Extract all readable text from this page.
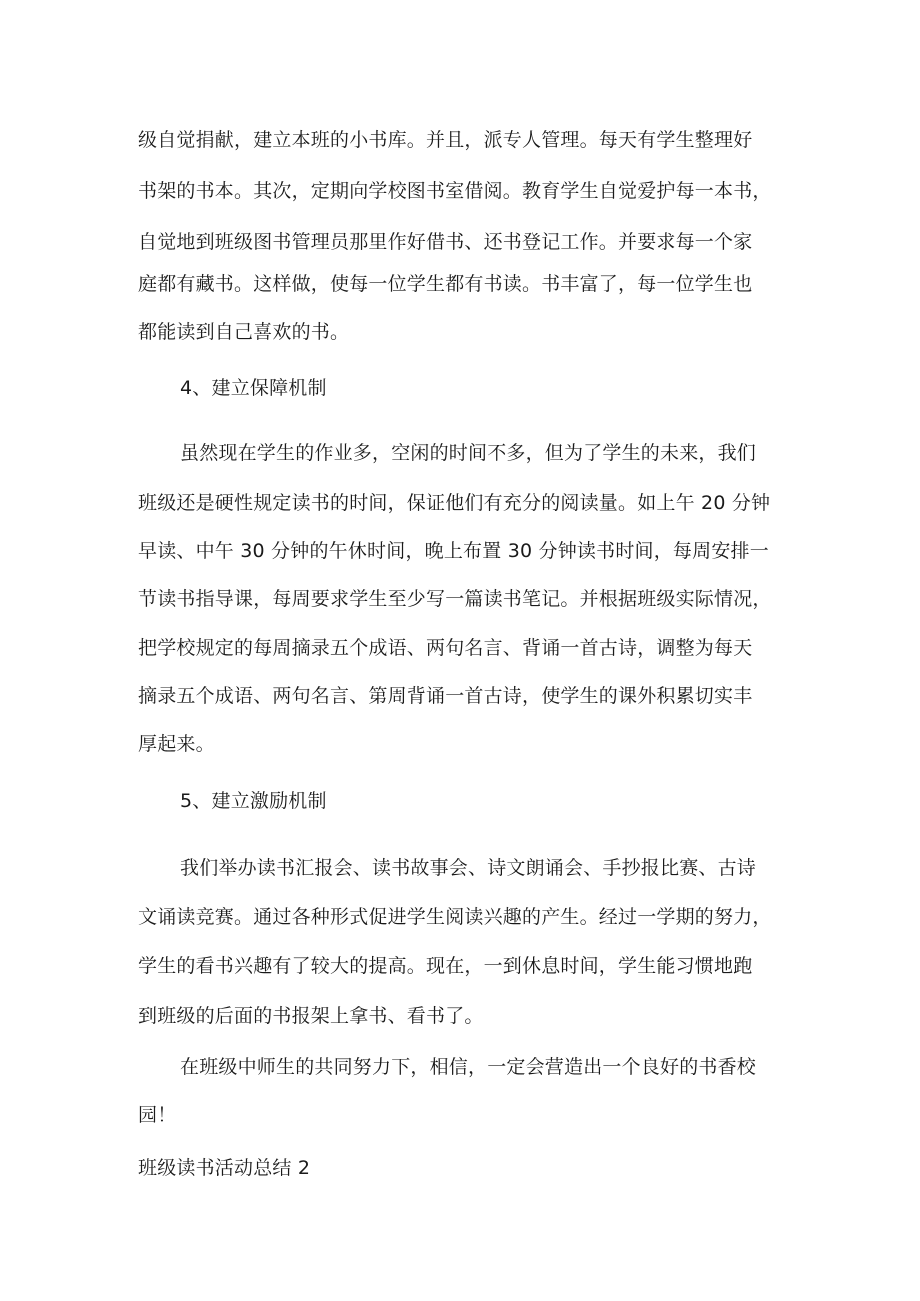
级自觉捐献，建立本班的小书库。并且，派专人管理。每天有学生整理好
书架的书本。其次，定期向学校图书室借阅。教育学生自觉爱护每一本书，
自觉地到班级图书管理员那里作好借书、还书登记工作。并要求每一个家
庭都有藏书。这样做，使每一位学生都有书读。书丰富了，每一位学生也
都能读到自己喜欢的书。
4、建立保障机制
虽然现在学生的作业多，空闲的时间不多，但为了学生的未来，我们
班级还是硬性规定读书的时间，保证他们有充分的阅读量。如上午 20 分钟
早读、中午 30 分钟的午休时间，晚上布置 30 分钟读书时间，每周安排一
节读书指导课，每周要求学生至少写一篇读书笔记。并根据班级实际情况，
把学校规定的每周摘录五个成语、两句名言、背诵一首古诗，调整为每天
摘录五个成语、两句名言、第周背诵一首古诗，使学生的课外积累切实丰
厚起来。
5、建立激励机制
我们举办读书汇报会、读书故事会、诗文朗诵会、手抄报比赛、古诗
文诵读竞赛。通过各种形式促进学生阅读兴趣的产生。经过一学期的努力，
学生的看书兴趣有了较大的提高。现在，一到休息时间，学生能习惯地跑
到班级的后面的书报架上拿书、看书了。
在班级中师生的共同努力下，相信，一定会营造出一个良好的书香校
园！
班级读书活动总结 2
